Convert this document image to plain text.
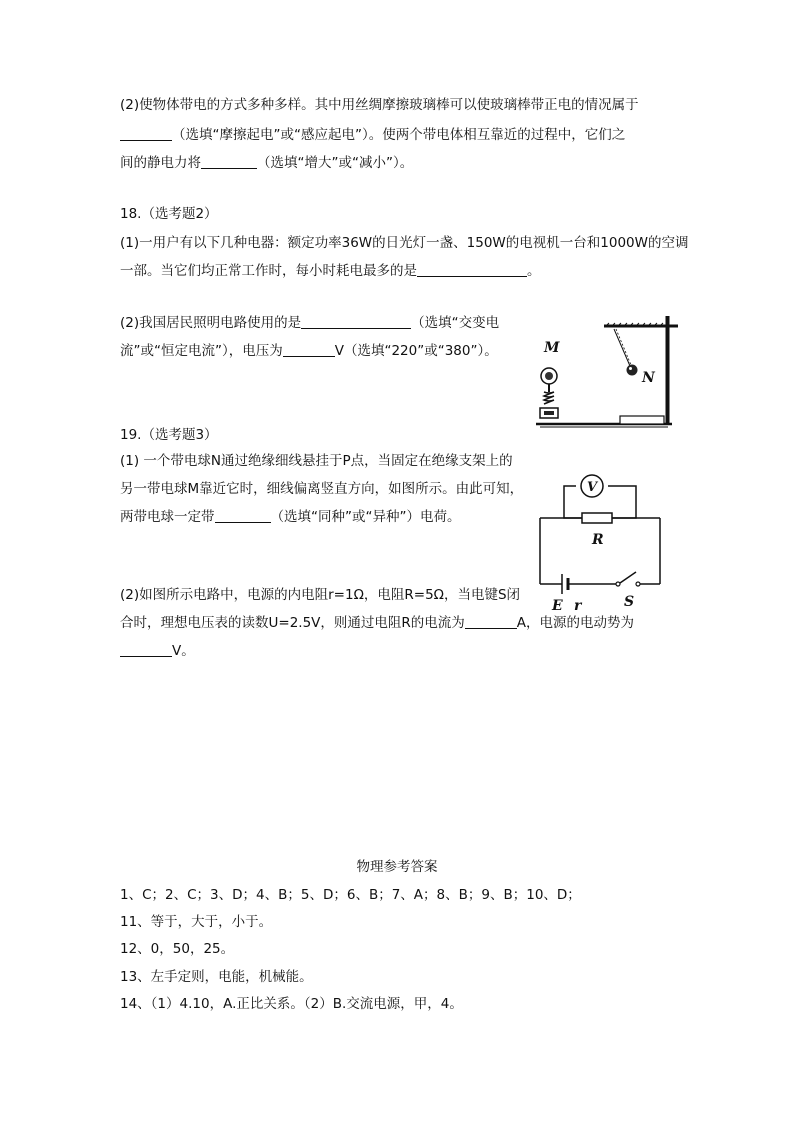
(2)使物体带电的方式多种多样。其中用丝绸摩擦玻璃棒可以使玻璃棒带正电的情况属于
（选填“摩擦起电”或“感应起电”）。使两个带电体相互靠近的过程中，它们之
间的静电力将	（选填“增大”或“减小”）。
18.（选考题2）
(1)一用户有以下几种电器：额定功率36W的日光灯一盏、150W的电视机一台和1000W的空调
一部。当它们均正常工作时，每小时耗电最多的是	。
(2)我国居民照明电路使用的是	（选填“交变电
流”或“恒定电流”），电压为	V（选填“220”或“380”）。
N
M
19.（选考题3）
(1) 一个带电球N通过绝缘细线悬挂于P点，当固定在绝缘支架上的
另一带电球M靠近它时，细线偏离竖直方向，如图所示。由此可知，
两带电球一定带	（选填“同种”或“异种”）电荷。
(2)如图所示电路中，电源的内电阻r=1Ω，电阻R=5Ω，当电键S闭
合时，理想电压表的读数U=2.5V，则通过电阻R的电流为	A，电源的电动势为
V。
V
R
E r	S
物理参考答案
1、C；2、C；3、D；4、B；5、D；6、B；7、A；8、B；9、B；10、D；
11、等于，大于，小于。
12、0，50，25。
13、左手定则，电能，机械能。
14、（1）4.10，A.正比关系。（2）B.交流电源，甲，4。
